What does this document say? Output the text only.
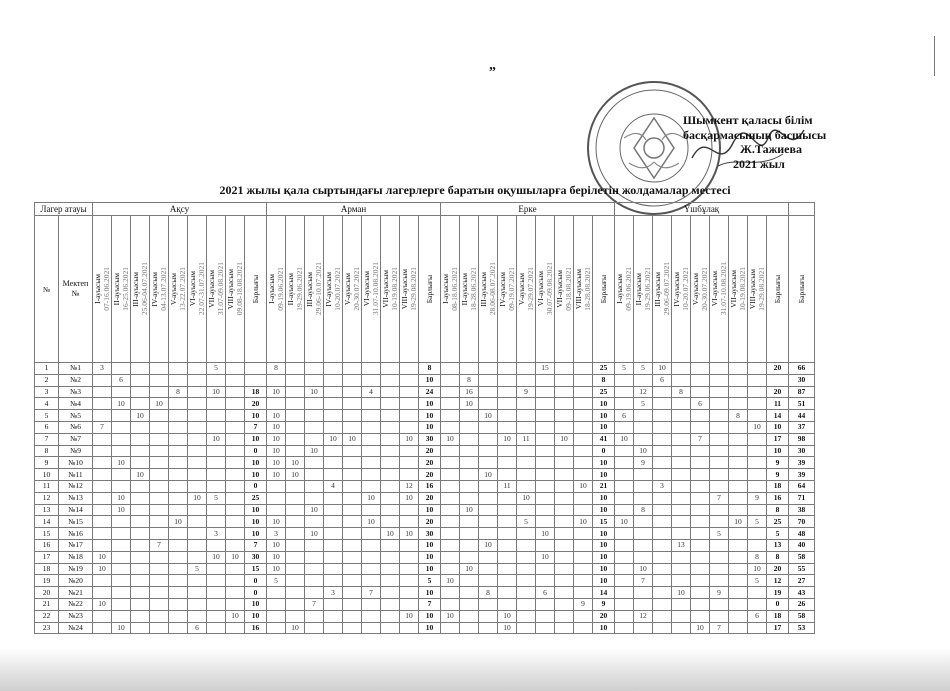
„
Шымкент қаласы білім
басқармасының басшысы
Ж.Тажиева
2021 жыл
2021 жылы қала сыртындағы лагерлерге баратын оқушыларға берілетін жолдамалар местесі
Лагер атауы		Ақсу									Арман									Ерке									Үшбұлақ									

№	Мектеп №	I-ауысым 07-16.06.2021	II-ауысым 16-25.06.2021	III-ауысым 25.06-04.07.2021	IV-ауысым 04-13.07.2021	V-ауысым 13-22.07.2021	VI-ауысым 22.07-31.07.2021	VII-ауысым 31.07-09.08.2021	VIII-ауысым 09.08-18.08.2021	Барлығы	I-ауысым 09-19.06.2021	II-ауысым 19-29.06.2021	III-ауысым 29.06-10.07.2021	IV-ауысым 10-20.07.2021	V-ауысым 20-30.07.2021	VI-ауысым 31.07-10.08.2021	VII-ауысым 10-19.08.2021	VIII-ауысым 19-29.08.2021	Барлығы	I-ауысым 08-18.06.2021	II-ауысым 18-28.06.2021	III-ауысым 28.06-08.07.2021	IV-ауысым 09-19.07.2021	V-ауысым 19-29.07.2021	VI-ауысым 30.07-09.08.2021	VII-ауысым 09-18.08.2021	VIII-ауысым 18-28.08.2021	Барлығы	I-ауысым 09-19.06.2021	II-ауысым 19-29.06.2021	III-ауысым 29.06-09.07.2021	IV-ауысым 10-20.07.2021	V-ауысым 20-30.07.2021	VI-ауысым 31.07-10.08.2021	VII-ауысым 10-19.08.2021	VIII-ауысым 19-29.08.2021	Барлығы	Барлығы

1	№1	3						5			8								8						15			25	5	5	10						20	66
2	№2		6																10		8							8			6							30
3	№3					8		10		18	10		10			4			24		16			9				25		12		8					20	87
4	№4		10		10					20									10		10							10		5			6				11	51
5	№5			10						10	10								10			10						10	6						8		14	44
6	№6	7								7	10								10									10								10	10	37
7	№7							10		10	10			10	10			10	30	10			10	11		10		41	10				7				17	98
8	№9									0	10		10						20									0		10							10	30
9	№10		10							10	10	10							20									10		9							9	39
10	№11			10						10	10	10							20			10						10									9	39
11	№12									0				4				12	16				11				10	21			3						18	64
12	№13		10				10	5		25						10		10	20					10				10						7		9	16	71
13	№14		10							10			10						10		10							10		8							8	38
14	№15					10				10	10					10			20					5			10	15	10						10	5	25	70
15	№16							3		10	3		10				10	10	30						10			10						5			5	48
16	№17				7					7	10								10			10						10				13					13	40
17	№18	10						10	10	30	10								10						10			10								8	8	58
18	№19	10					5			15	10								10		10							10		10						10	20	55
19	№20									0	5								5	10								10		7						5	12	27
20	№21									0				3		7			10			8			6			14				10		9			19	43
21	№22	10								10			7						7								9	9									0	26
22	№23								10	10								10	10	10			10					20		12						6	18	58
23	№24		10				6			16		10							10				10					10					10	7			17	53
